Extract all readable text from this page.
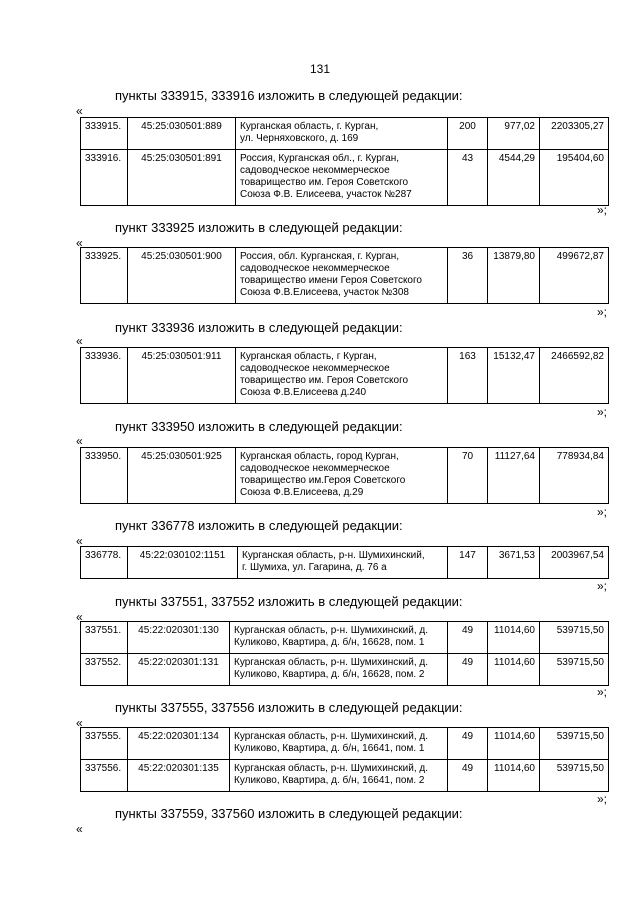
131
пункты 333915, 333916 изложить в следующей редакции:
«
333915.	45:25:030501:889	Курганская область, г. Курган,
ул. Черняховского, д. 169	200	977,02	2203305,27
333916.	45:25:030501:891	Россия, Курганская обл., г. Курган,
садоводческое некоммерческое
товарищество им. Героя Советского
Союза Ф.В. Елисеева, участок №287	43	4544,29	195404,60
»;
пункт 333925 изложить в следующей редакции:
«
333925.	45:25:030501:900	Россия, обл. Курганская, г. Курган,
садоводческое некоммерческое
товарищество имени Героя Советского
Союза Ф.В.Елисеева, участок №308	36	13879,80	499672,87
»;
пункт 333936 изложить в следующей редакции:
«
333936.	45:25:030501:911	Курганская область, г Курган,
садоводческое некоммерческое
товарищество им. Героя Советского
Союза Ф.В.Елисеева д.240	163	15132,47	2466592,82
»;
пункт 333950 изложить в следующей редакции:
«
333950.	45:25:030501:925	Курганская область, город Курган,
садоводческое некоммерческое
товарищество им.Героя Советского
Союза Ф.В.Елисеева, д.29	70	11127,64	778934,84
»;
пункт 336778 изложить в следующей редакции:
«
336778.	45:22:030102:1151	Курганская область, р-н. Шумихинский,
г. Шумиха, ул. Гагарина, д. 76 а	147	3671,53	2003967,54
»;
пункты 337551, 337552 изложить в следующей редакции:
«
337551.	45:22:020301:130	Курганская область, р-н. Шумихинский, д.
Куликово, Квартира, д. б/н, 16628, пом. 1	49	11014,60	539715,50
337552.	45:22:020301:131	Курганская область, р-н. Шумихинский, д.
Куликово, Квартира, д. б/н, 16628, пом. 2	49	11014,60	539715,50
»;
пункты 337555, 337556 изложить в следующей редакции:
«
337555.	45:22:020301:134	Курганская область, р-н. Шумихинский, д.
Куликово, Квартира, д. б/н, 16641, пом. 1	49	11014,60	539715,50
337556.	45:22:020301:135	Курганская область, р-н. Шумихинский, д.
Куликово, Квартира, д. б/н, 16641, пом. 2	49	11014,60	539715,50
»;
пункты 337559, 337560 изложить в следующей редакции:
«
